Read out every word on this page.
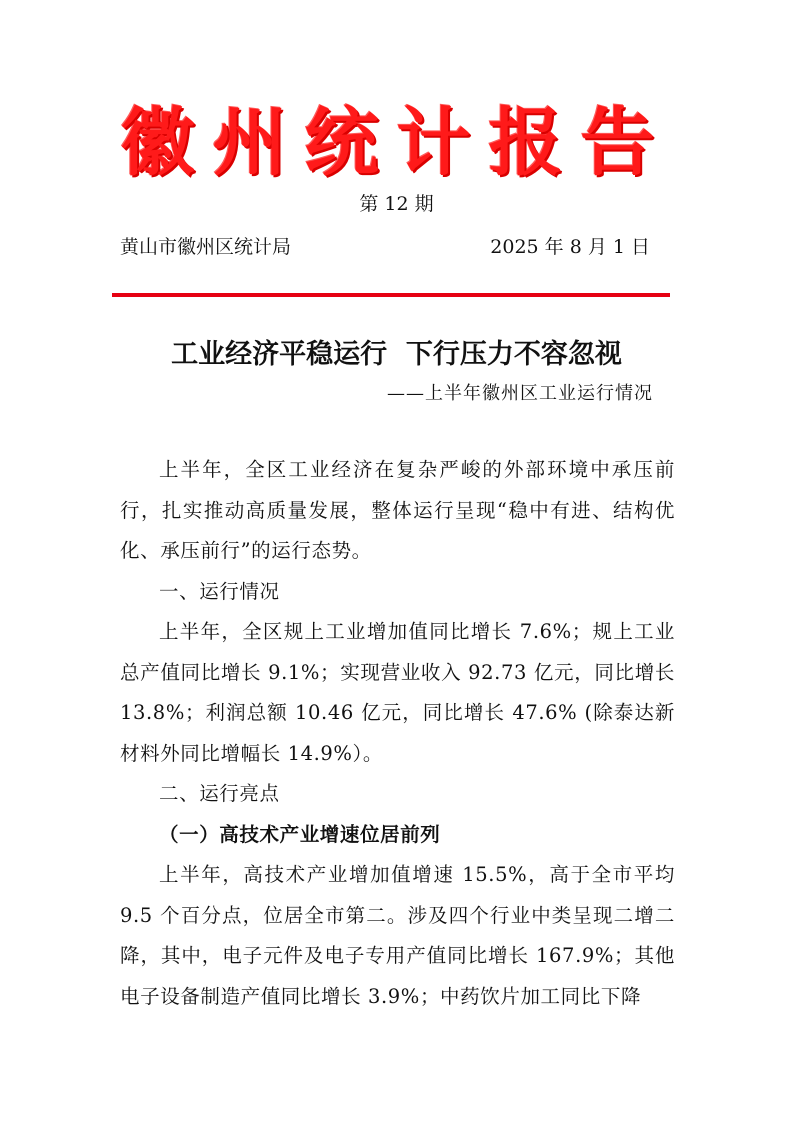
徽州统计报告
第 12 期
黄山市徽州区统计局	2025 年 8 月 1 日
工业经济平稳运行  下行压力不容忽视
——上半年徽州区工业运行情况

上半年，全区工业经济在复杂严峻的外部环境中承压前行，扎实推动高质量发展，整体运行呈现“稳中有进、结构优化、承压前行”的运行态势。

一、运行情况

上半年，全区规上工业增加值同比增长 7.6%；规上工业总产值同比增长 9.1%；实现营业收入 92.73 亿元，同比增长 13.8%；利润总额 10.46 亿元，同比增长 47.6% (除泰达新材料外同比增幅长 14.9%）。

二、运行亮点

（一）高技术产业增速位居前列

上半年，高技术产业增加值增速 15.5%，高于全市平均 9.5 个百分点，位居全市第二。涉及四个行业中类呈现二增二降，其中，电子元件及电子专用产值同比增长 167.9%；其他电子设备制造产值同比增长 3.9%；中药饮片加工同比下降
